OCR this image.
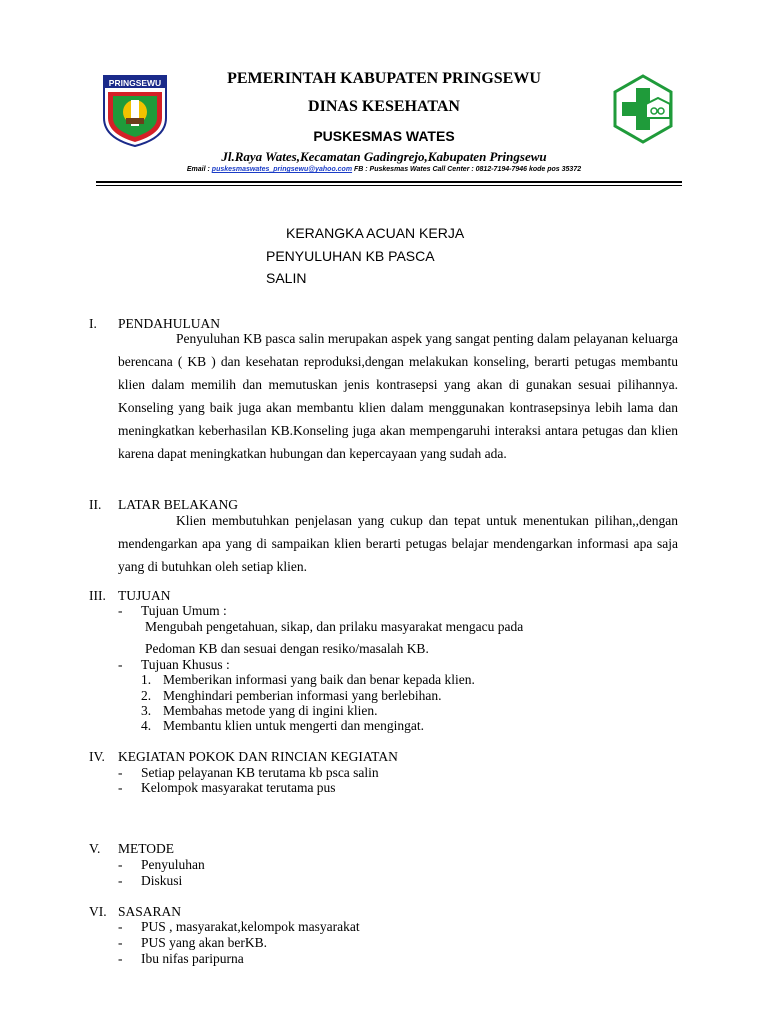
PRINGSEWU	PEMERINTAH KABUPATEN PRINGSEWU
DINAS KESEHATAN
PUSKESMAS WATES
Jl.Raya Wates,Kecamatan Gadingrejo,Kabupaten Pringsewu
Email : puskesmaswates_pringsewu@yahoo.com FB : Puskesmas Wates Call Center : 0812-7194-7946 kode pos 35372
KERANGKA ACUAN KERJA
PENYULUHAN KB PASCA
SALIN
I. PENDAHULUAN

Penyuluhan KB pasca salin merupakan aspek yang sangat penting dalam pelayanan keluarga berencana ( KB ) dan kesehatan reproduksi,dengan melakukan konseling, berarti petugas membantu klien dalam memilih dan memutuskan jenis kontrasepsi yang akan di gunakan sesuai pilihannya. Konseling yang baik juga akan membantu klien dalam menggunakan kontrasepsinya lebih lama dan meningkatkan keberhasilan KB.Konseling juga akan mempengaruhi interaksi antara petugas dan klien karena dapat meningkatkan hubungan dan kepercayaan yang sudah ada.

II. LATAR BELAKANG

Klien membutuhkan penjelasan yang cukup dan tepat untuk menentukan pilihan,,dengan mendengarkan apa yang di sampaikan klien berarti petugas belajar mendengarkan informasi apa saja yang di butuhkan oleh setiap klien.

III. TUJUAN
- Tujuan Umum :
Mengubah pengetahuan, sikap, dan prilaku masyarakat mengacu pada
Pedoman KB dan sesuai dengan resiko/masalah KB.
- Tujuan Khusus :
1. Memberikan informasi yang baik dan benar kepada klien.
2. Menghindari pemberian informasi yang berlebihan.
3. Membahas metode yang di ingini klien.
4. Membantu klien untuk mengerti dan mengingat.
IV. KEGIATAN POKOK DAN RINCIAN KEGIATAN
- Setiap pelayanan KB terutama kb psca salin
- Kelompok masyarakat terutama pus
V. METODE
- Penyuluhan
- Diskusi
VI. SASARAN
- PUS , masyarakat,kelompok masyarakat
- PUS yang akan berKB.
- Ibu nifas paripurna
